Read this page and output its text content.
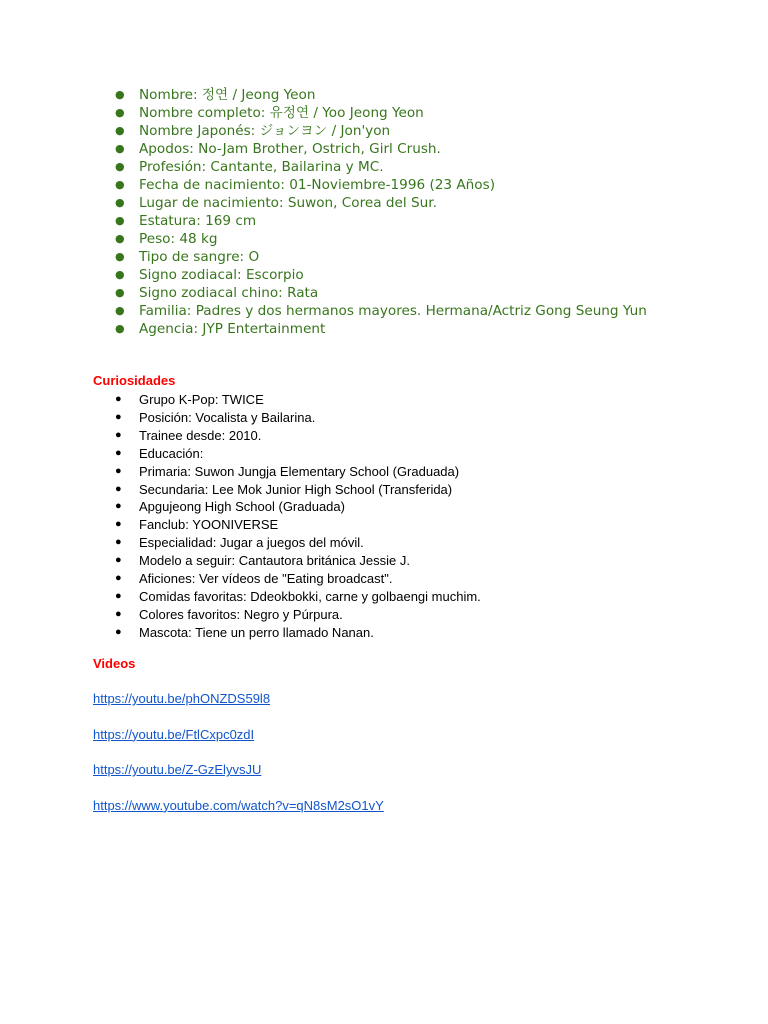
● Nombre: 정연 / Jeong Yeon
● Nombre completo: 유정연 / Yoo Jeong Yeon
● Nombre Japonés: ジョンヨン / Jon'yon
● Apodos: No-Jam Brother, Ostrich, Girl Crush.
● Profesión: Cantante, Bailarina y MC.
● Fecha de nacimiento: 01-Noviembre-1996 (23 Años)
● Lugar de nacimiento: Suwon, Corea del Sur.
● Estatura: 169 cm
● Peso: 48 kg
● Tipo de sangre: O
● Signo zodiacal: Escorpio
● Signo zodiacal chino: Rata
● Familia: Padres y dos hermanos mayores. Hermana/Actriz Gong Seung Yun
● Agencia: JYP Entertainment
Curiosidades
● Grupo K-Pop: TWICE
● Posición: Vocalista y Bailarina.
● Trainee desde: 2010.
● Educación:
● Primaria: Suwon Jungja Elementary School (Graduada)
● Secundaria: Lee Mok Junior High School (Transferida)
● Apgujeong High School (Graduada)
● Fanclub: YOONIVERSE
● Especialidad: Jugar a juegos del móvil.
● Modelo a seguir: Cantautora británica Jessie J.
● Aficiones: Ver vídeos de "Eating broadcast".
● Comidas favoritas: Ddeokbokki, carne y golbaengi muchim.
● Colores favoritos: Negro y Púrpura.
● Mascota: Tiene un perro llamado Nanan.
Videos
https://youtu.be/phONZDS59l8
https://youtu.be/FtlCxpc0zdI
https://youtu.be/Z-GzElyvsJU
https://www.youtube.com/watch?v=qN8sM2sO1vY
